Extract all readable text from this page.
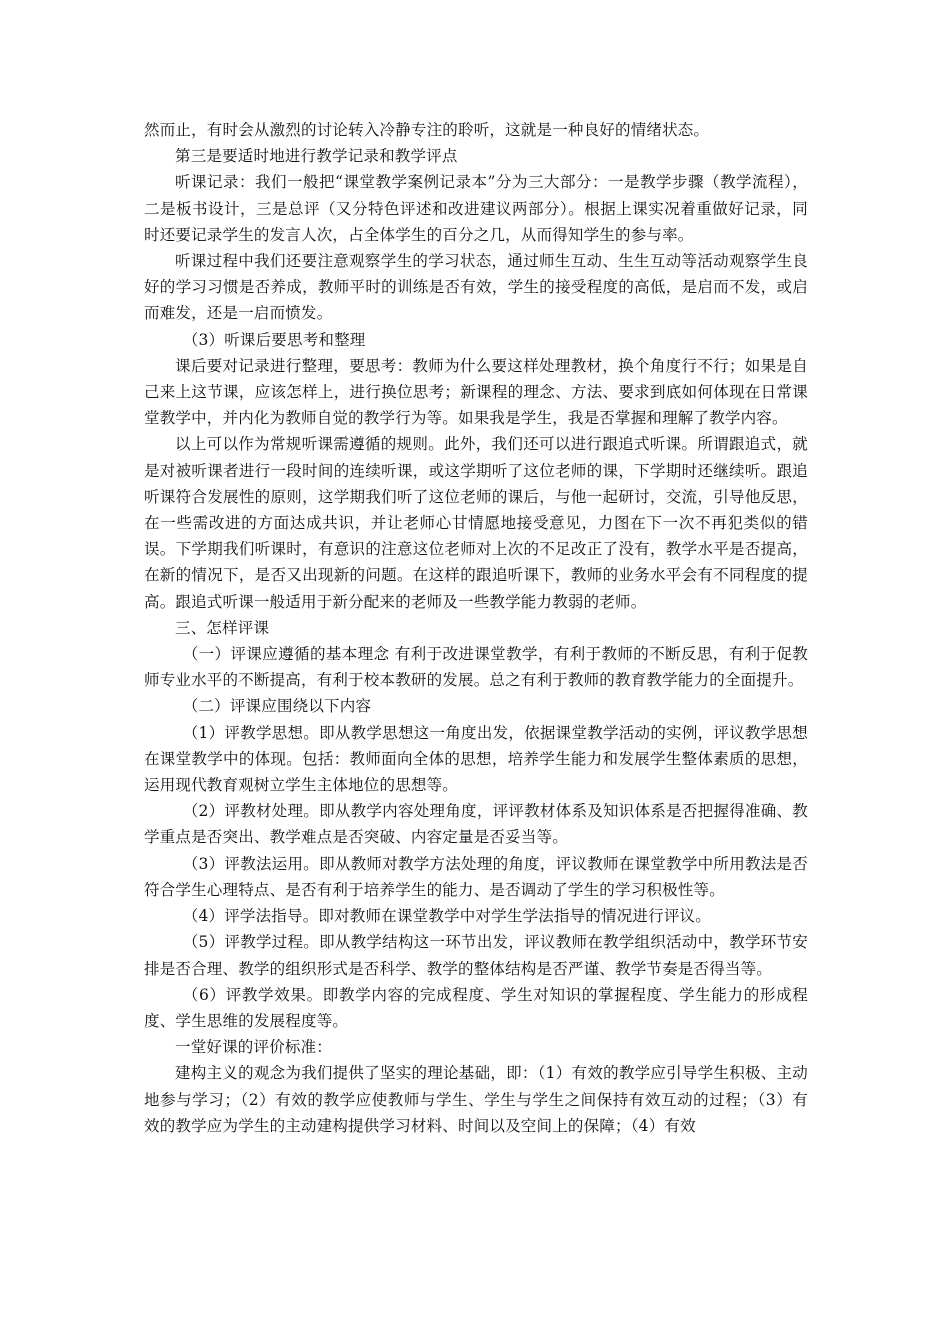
然而止，有时会从激烈的讨论转入冷静专注的聆听，这就是一种良好的情绪状态。

第三是要适时地进行教学记录和教学评点

听课记录：我们一般把“课堂教学案例记录本”分为三大部分：一是教学步骤（教学流程），二是板书设计，三是总评（又分特色评述和改进建议两部分）。根据上课实况着重做好记录，同时还要记录学生的发言人次，占全体学生的百分之几，从而得知学生的参与率。

听课过程中我们还要注意观察学生的学习状态，通过师生互动、生生互动等活动观察学生良好的学习习惯是否养成，教师平时的训练是否有效，学生的接受程度的高低，是启而不发，或启而难发，还是一启而愤发。

（3）听课后要思考和整理

课后要对记录进行整理，要思考：教师为什么要这样处理教材，换个角度行不行；如果是自己来上这节课，应该怎样上，进行换位思考；新课程的理念、方法、要求到底如何体现在日常课堂教学中，并内化为教师自觉的教学行为等。如果我是学生，我是否掌握和理解了教学内容。

以上可以作为常规听课需遵循的规则。此外，我们还可以进行跟追式听课。所谓跟追式，就是对被听课者进行一段时间的连续听课，或这学期听了这位老师的课，下学期时还继续听。跟追听课符合发展性的原则，这学期我们听了这位老师的课后，与他一起研讨，交流，引导他反思，在一些需改进的方面达成共识，并让老师心甘情愿地接受意见，力图在下一次不再犯类似的错误。下学期我们听课时，有意识的注意这位老师对上次的不足改正了没有，教学水平是否提高，在新的情况下，是否又出现新的问题。在这样的跟追听课下，教师的业务水平会有不同程度的提高。跟追式听课一般适用于新分配来的老师及一些教学能力教弱的老师。

三、怎样评课

（一）评课应遵循的基本理念 有利于改进课堂教学，有利于教师的不断反思，有利于促教师专业水平的不断提高，有利于校本教研的发展。总之有利于教师的教育教学能力的全面提升。

（二）评课应围绕以下内容

（1）评教学思想。即从教学思想这一角度出发，依据课堂教学活动的实例，评议教学思想在课堂教学中的体现。包括：教师面向全体的思想，培养学生能力和发展学生整体素质的思想，运用现代教育观树立学生主体地位的思想等。

（2）评教材处理。即从教学内容处理角度，评评教材体系及知识体系是否把握得准确、教学重点是否突出、教学难点是否突破、内容定量是否妥当等。

（3）评教法运用。即从教师对教学方法处理的角度，评议教师在课堂教学中所用教法是否符合学生心理特点、是否有利于培养学生的能力、是否调动了学生的学习积极性等。

（4）评学法指导。即对教师在课堂教学中对学生学法指导的情况进行评议。

（5）评教学过程。即从教学结构这一环节出发，评议教师在教学组织活动中，教学环节安排是否合理、教学的组织形式是否科学、教学的整体结构是否严谨、教学节奏是否得当等。

（6）评教学效果。即教学内容的完成程度、学生对知识的掌握程度、学生能力的形成程度、学生思维的发展程度等。

一堂好课的评价标准：

建构主义的观念为我们提供了坚实的理论基础，即：（1）有效的教学应引导学生积极、主动地参与学习；（2）有效的教学应使教师与学生、学生与学生之间保持有效互动的过程；（3）有效的教学应为学生的主动建构提供学习材料、时间以及空间上的保障；（4）有效
